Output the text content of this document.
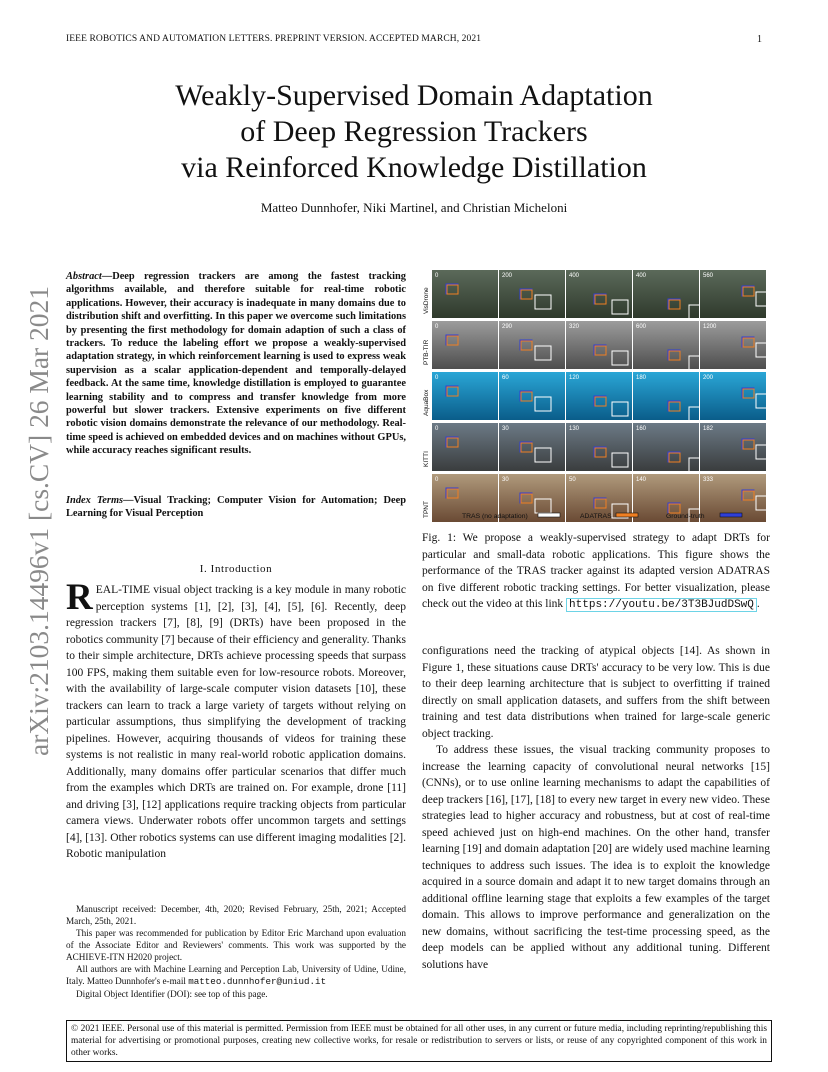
IEEE ROBOTICS AND AUTOMATION LETTERS. PREPRINT VERSION. ACCEPTED MARCH, 2021	1
Weakly-Supervised Domain Adaptation
of Deep Regression Trackers
via Reinforced Knowledge Distillation
Matteo Dunnhofer, Niki Martinel, and Christian Micheloni
arXiv:2103.14496v1 [cs.CV] 26 Mar 2021
Abstract—Deep regression trackers are among the fastest tracking algorithms available, and therefore suitable for real-time robotic applications. However, their accuracy is inadequate in many domains due to distribution shift and overfitting. In this paper we overcome such limitations by presenting the first methodology for domain adaption of such a class of trackers. To reduce the labeling effort we propose a weakly-supervised adaptation strategy, in which reinforcement learning is used to express weak supervision as a scalar application-dependent and temporally-delayed feedback. At the same time, knowledge distillation is employed to guarantee learning stability and to compress and transfer knowledge from more powerful but slower trackers. Extensive experiments on five different robotic vision domains demonstrate the relevance of our methodology. Real-time speed is achieved on embedded devices and on machines without GPUs, while accuracy reaches significant results.
Index Terms—Visual Tracking; Computer Vision for Automation; Deep Learning for Visual Perception
I. Introduction
REAL-TIME visual object tracking is a key module in many robotic perception systems [1], [2], [3], [4], [5], [6]. Recently, deep regression trackers [7], [8], [9] (DRTs) have been proposed in the robotics community [7] because of their efficiency and generality. Thanks to their simple architecture, DRTs achieve processing speeds that surpass 100 FPS, making them suitable even for low-resource robots. Moreover, with the availability of large-scale computer vision datasets [10], these trackers can learn to track a large variety of targets without relying on particular assumptions, thus simplifying the development of tracking pipelines. However, acquiring thousands of videos for training these systems is not realistic in many real-world robotic application domains. Additionally, many domains offer particular scenarios that differ much from the examples which DRTs are trained on. For example, drone [11] and driving [3], [12] applications require tracking objects from particular camera views. Underwater robots offer uncommon targets and settings [4], [13]. Other robotics systems can use different imaging modalities [2]. Robotic manipulation

Manuscript received: December, 4th, 2020; Revised February, 25th, 2021; Accepted March, 25th, 2021.

This paper was recommended for publication by Editor Eric Marchand upon evaluation of the Associate Editor and Reviewers' comments. This work was supported by the ACHIEVE-ITN H2020 project.

All authors are with Machine Learning and Perception Lab, University of Udine, Udine, Italy. Matteo Dunnhofer's e-mail matteo.dunnhofer@uniud.it

Digital Object Identifier (DOI): see top of this page.

VisDrone
0	200	400	400	560
PTB-TIR
0	290	320	600	1200
AquaBox
0	60	120	180	200
KITTI
0	30	130	160	182
TPNT
0	30	50	140	333
TRAS (no adaptation)	ADATRAS	Ground-truth
Fig. 1: We propose a weakly-supervised strategy to adapt DRTs for particular and small-data robotic applications. This figure shows the performance of the TRAS tracker against its adapted version ADATRAS on five different robotic tracking settings. For better visualization, please check out the video at this link https://youtu.be/3T3BJudDSwQ .

configurations need the tracking of atypical objects [14]. As shown in Figure 1, these situations cause DRTs' accuracy to be very low. This is due to their deep learning architecture that is subject to overfitting if trained directly on small application datasets, and suffers from the shift between training and test data distributions when trained for large-scale generic object tracking.

To address these issues, the visual tracking community proposes to increase the learning capacity of convolutional neural networks [15] (CNNs), or to use online learning mechanisms to adapt the capabilities of deep trackers [16], [17], [18] to every new target in every new video. These strategies lead to higher accuracy and robustness, but at cost of real-time speed achieved just on high-end machines. On the other hand, transfer learning [19] and domain adaptation [20] are widely used machine learning techniques to address such issues. The idea is to exploit the knowledge acquired in a source domain and adapt it to new target domains through an additional offline learning stage that exploits a few examples of the target domain. This allows to improve performance and generalization on the new domains, without sacrificing the test-time processing speed, as the deep models can be applied without any additional tuning. Different solutions have

© 2021 IEEE. Personal use of this material is permitted. Permission from IEEE must be obtained for all other uses, in any current or future media, including reprinting/republishing this material for advertising or promotional purposes, creating new collective works, for resale or redistribution to servers or lists, or reuse of any copyrighted component of this work in other works.
